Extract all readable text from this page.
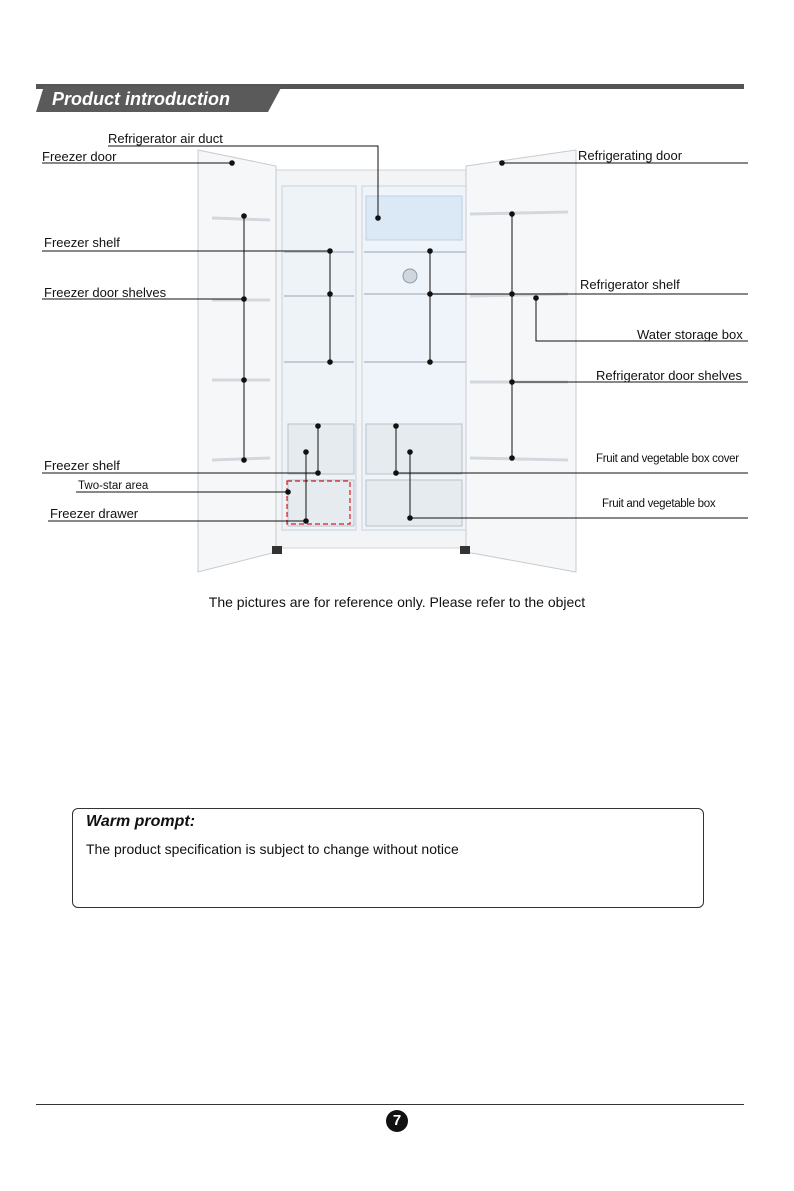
Product introduction
Refrigerator air duct
Freezer door	Refrigerating door
Freezer shelf
Freezer door shelves
Refrigerator shelf
Water storage box
Refrigerator door shelves
Freezer shelf	Fruit and vegetable box cover
Two-star area
Fruit and vegetable box
Freezer drawer
The pictures are for reference only. Please refer to the object
Warm prompt:
The product specification is subject to change without notice
7
